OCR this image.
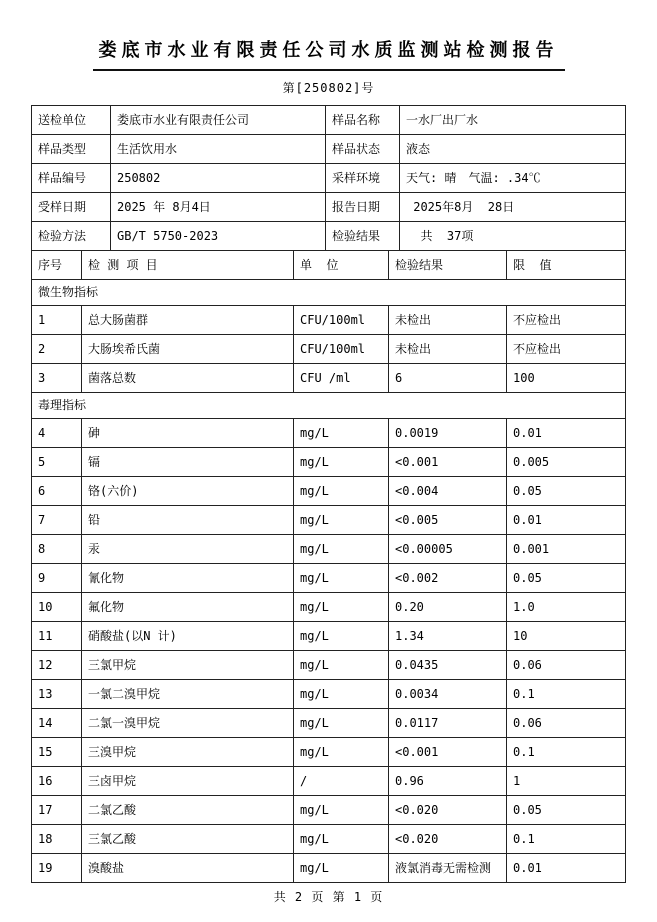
娄底市水业有限责任公司水质监测站检测报告
第[250802]号
送检单位	娄底市水业有限责任公司	样品名称	一水厂出厂水
样品类型	生活饮用水	样品状态	液态
样品编号	250802	采样环境	天气: 晴　气温: .34℃
受样日期	2025 年 8月4日	报告日期	2025年8月  28日
检验方法	GB/T 5750-2023	检验结果	共  37项
序号	检 测 项 目	单  位	检验结果	限  值
微生物指标				
1	总大肠菌群	CFU/100ml	未检出	不应检出
2	大肠埃希氏菌	CFU/100ml	未检出	不应检出
3	菌落总数	CFU /ml	6	100
毒理指标				
4	砷	mg/L	0.0019	0.01
5	镉	mg/L	<0.001	0.005
6	铬(六价)	mg/L	<0.004	0.05
7	铅	mg/L	<0.005	0.01
8	汞	mg/L	<0.00005	0.001
9	氰化物	mg/L	<0.002	0.05
10	氟化物	mg/L	0.20	1.0
11	硝酸盐(以N 计)	mg/L	1.34	10
12	三氯甲烷	mg/L	0.0435	0.06
13	一氯二溴甲烷	mg/L	0.0034	0.1
14	二氯一溴甲烷	mg/L	0.0117	0.06
15	三溴甲烷	mg/L	<0.001	0.1
16	三卤甲烷	/	0.96	1
17	二氯乙酸	mg/L	<0.020	0.05
18	三氯乙酸	mg/L	<0.020	0.1
19	溴酸盐	mg/L	液氯消毒无需检测	0.01
共 2 页 第 1 页
